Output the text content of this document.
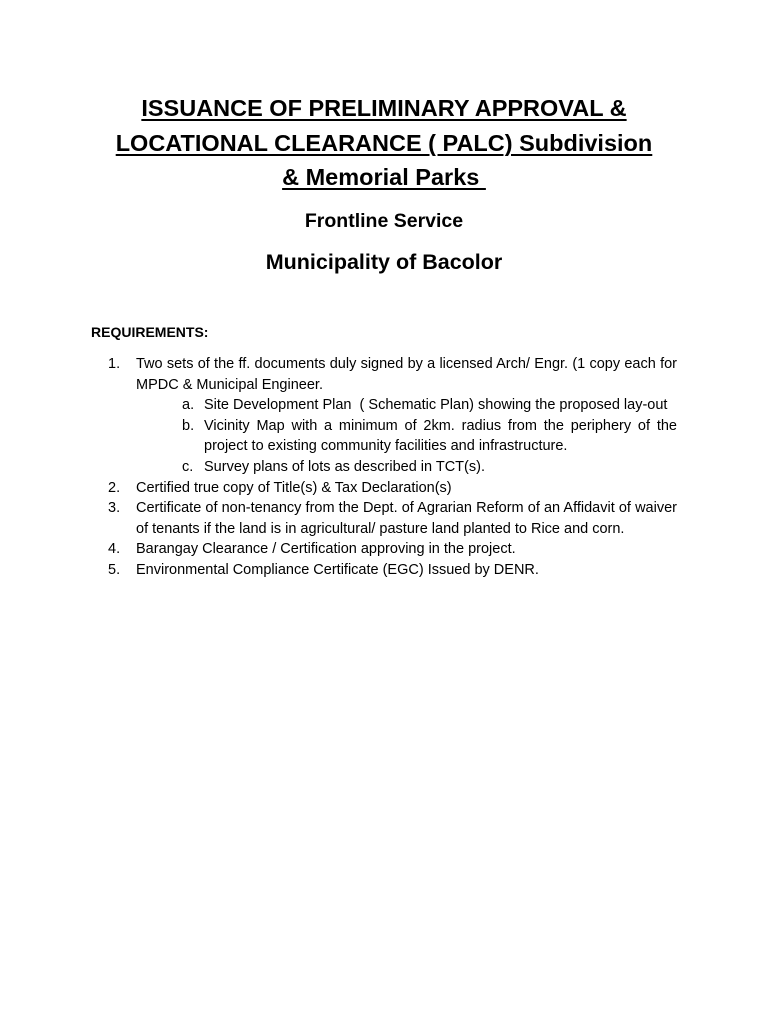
ISSUANCE OF PRELIMINARY APPROVAL &
LOCATIONAL CLEARANCE ( PALC) Subdivision
& Memorial Parks
Frontline Service
Municipality of Bacolor

REQUIREMENTS:

1.	Two sets of the ff. documents duly signed by a licensed Arch/ Engr. (1 copy each for MPDC & Municipal Engineer.
a. Site Development Plan  ( Schematic Plan) showing the proposed lay-out
b. Vicinity Map with a minimum of 2km. radius from the periphery of the project to existing community facilities and infrastructure.
c. Survey plans of lots as described in TCT(s).
2.	Certified true copy of Title(s) & Tax Declaration(s)
3.	Certificate of non-tenancy from the Dept. of Agrarian Reform of an Affidavit of waiver of tenants if the land is in agricultural/ pasture land planted to Rice and corn.
4.	Barangay Clearance / Certification approving in the project.
5.	Environmental Compliance Certificate (EGC) Issued by DENR.
